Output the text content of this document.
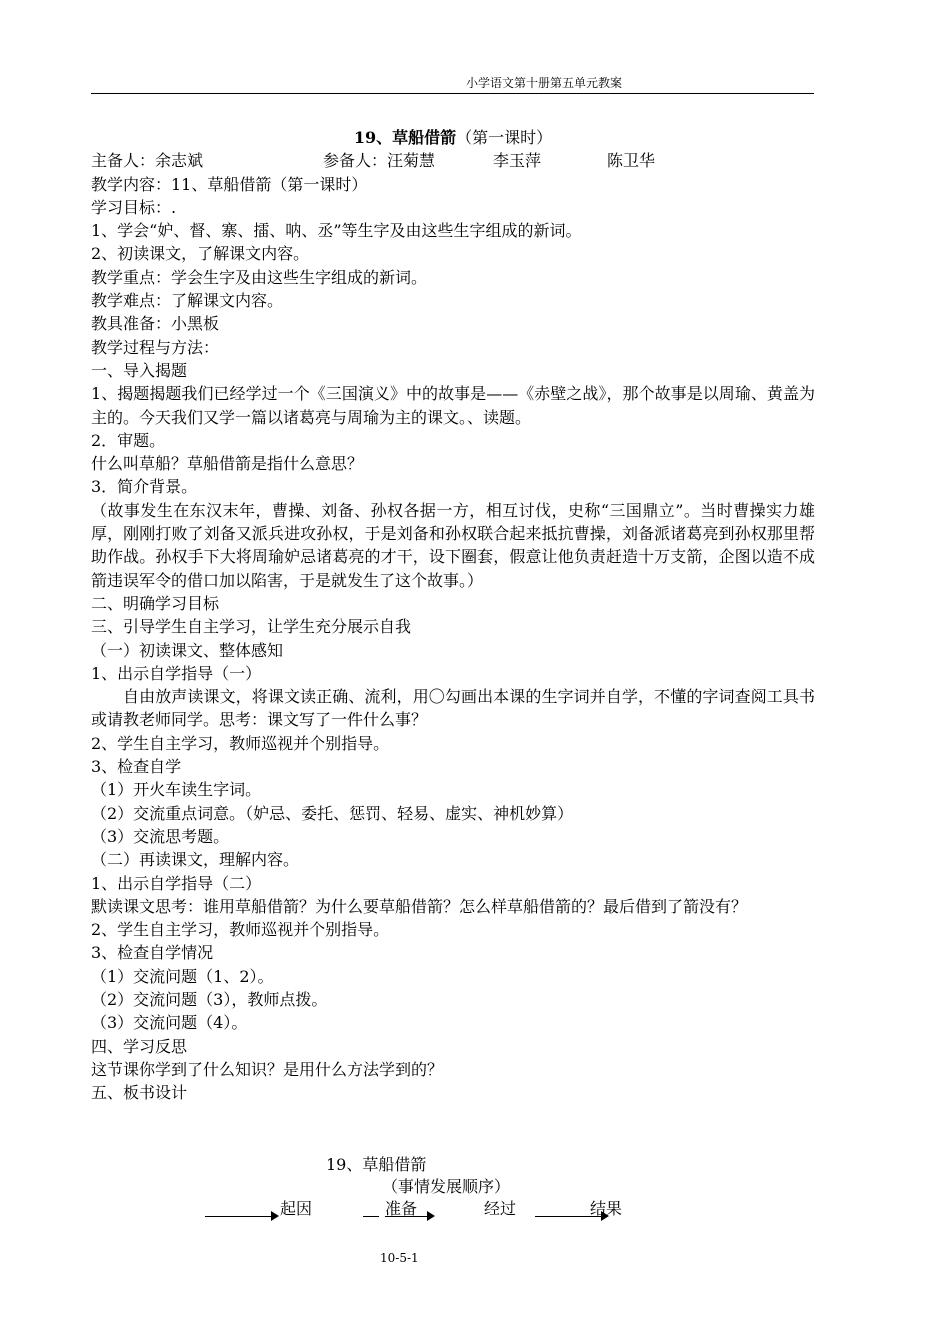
小学语文第十册第五单元教案

19、草船借箭（第一课时）

主备人：余志斌	参备人：汪菊慧	李玉萍	陈卫华

教学内容：11、草船借箭（第一课时）

学习目标：.

1、学会“妒、督、寨、擂、呐、丞”等生字及由这些生字组成的新词。

2、初读课文，了解课文内容。

教学重点：学会生字及由这些生字组成的新词。

教学难点：了解课文内容。

教具准备：小黑板

教学过程与方法：

一、导入揭题

1、揭题揭题我们已经学过一个《三国演义》中的故事是——《赤壁之战》，那个故事是以周瑜、黄盖为主的。今天我们又学一篇以诸葛亮与周瑜为主的课文。、读题。

2．审题。

什么叫草船？草船借箭是指什么意思？

3．简介背景。

（故事发生在东汉末年，曹操、刘备、孙权各据一方，相互讨伐，史称“三国鼎立”。当时曹操实力雄厚，刚刚打败了刘备又派兵进攻孙权，于是刘备和孙权联合起来抵抗曹操，刘备派诸葛亮到孙权那里帮助作战。孙权手下大将周瑜妒忌诸葛亮的才干，设下圈套，假意让他负责赶造十万支箭，企图以造不成箭违误军令的借口加以陷害，于是就发生了这个故事。）

二、明确学习目标

三、引导学生自主学习，让学生充分展示自我

（一）初读课文、整体感知

1、出示自学指导（一）

自由放声读课文，将课文读正确、流利，用〇勾画出本课的生字词并自学，不懂的字词查阅工具书或请教老师同学。思考：课文写了一件什么事？

2、学生自主学习，教师巡视并个别指导。

3、检查自学

（1）开火车读生字词。

（2）交流重点词意。（妒忌、委托、惩罚、轻易、虚实、神机妙算）

（3）交流思考题。

（二）再读课文，理解内容。

1、出示自学指导（二）

默读课文思考：谁用草船借箭？为什么要草船借箭？怎么样草船借箭的？最后借到了箭没有？

2、学生自主学习，教师巡视并个别指导。

3、检查自学情况

（1）交流问题（1、2）。

（2）交流问题（3），教师点拨。

（3）交流问题（4）。

四、学习反思

这节课你学到了什么知识？是用什么方法学到的？

五、板书设计

19、草船借箭
（事情发展顺序）
起因	准备	经过	结果
10-5-1
